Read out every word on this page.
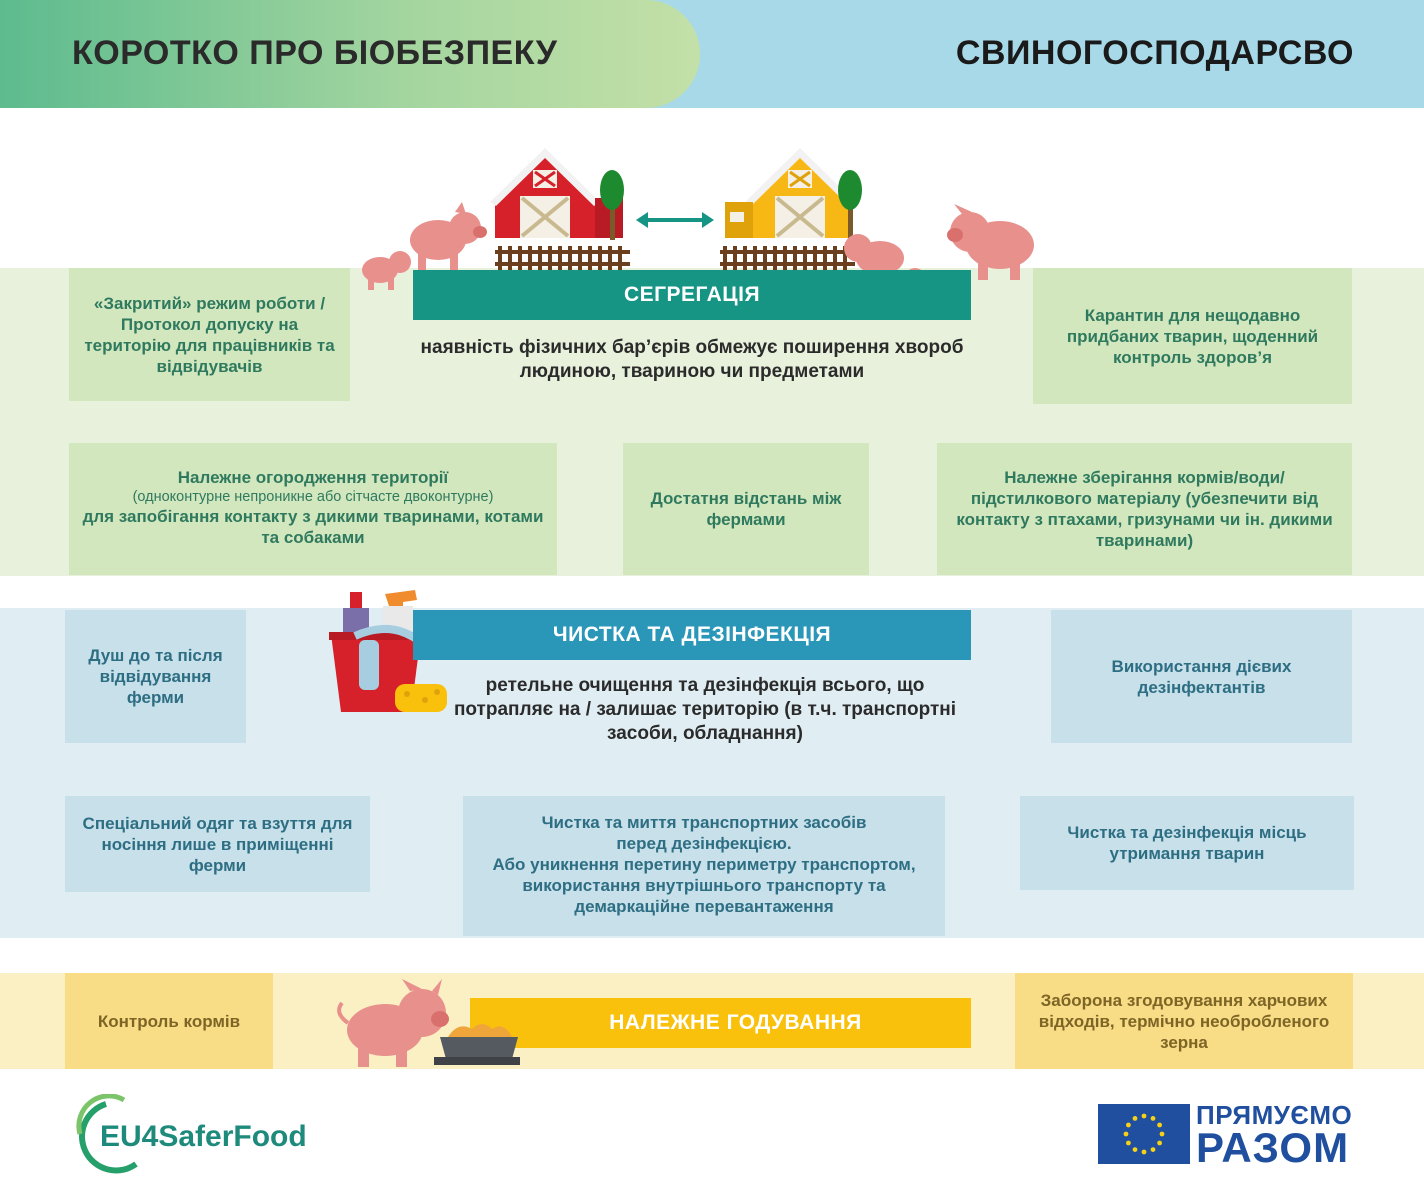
КОРОТКО ПРО БІОБЕЗПЕКУ	СВИНОГОСПОДАРСВО
СЕГРЕГАЦІЯ
наявність фізичних бар’єрів обмежує поширення хвороб людиною, твариною чи предметами
«Закритий» режим роботи / Протокол допуску на територію для працівників та відвідувачів
Карантин для нещодавно придбаних тварин, щоденний контроль здоров’я
Належне огородження території
(одноконтурне непроникне або сітчасте двоконтурне)
для запобігання контакту з дикими тваринами, котами та собаками
Достатня відстань між фермами
Належне зберігання кормів/води/підстилкового матеріалу (убезпечити від контакту з птахами, гризунами чи ін. дикими тваринами)
ЧИСТКА ТА ДЕЗІНФЕКЦІЯ
ретельне очищення та дезінфекція всього, що потрапляє на / залишає територію (в т.ч. транспортні засоби, обладнання)
Душ до та після відвідування ферми
Використання дієвих дезінфектантів
Спеціальний одяг та взуття для носіння лише в приміщенні ферми
Чистка та миття транспортних засобів перед дезінфекцією.
Або уникнення перетину периметру транспортом, використання внутрішнього транспорту та демаркаційне перевантаження
Чистка та дезінфекція місць утримання тварин
НАЛЕЖНЕ ГОДУВАННЯ
Контроль кормів
Заборона згодовування харчових відходів, термічно необробленого зерна
EU4SaferFood
ПРЯМУЄМО
РАЗОМ
